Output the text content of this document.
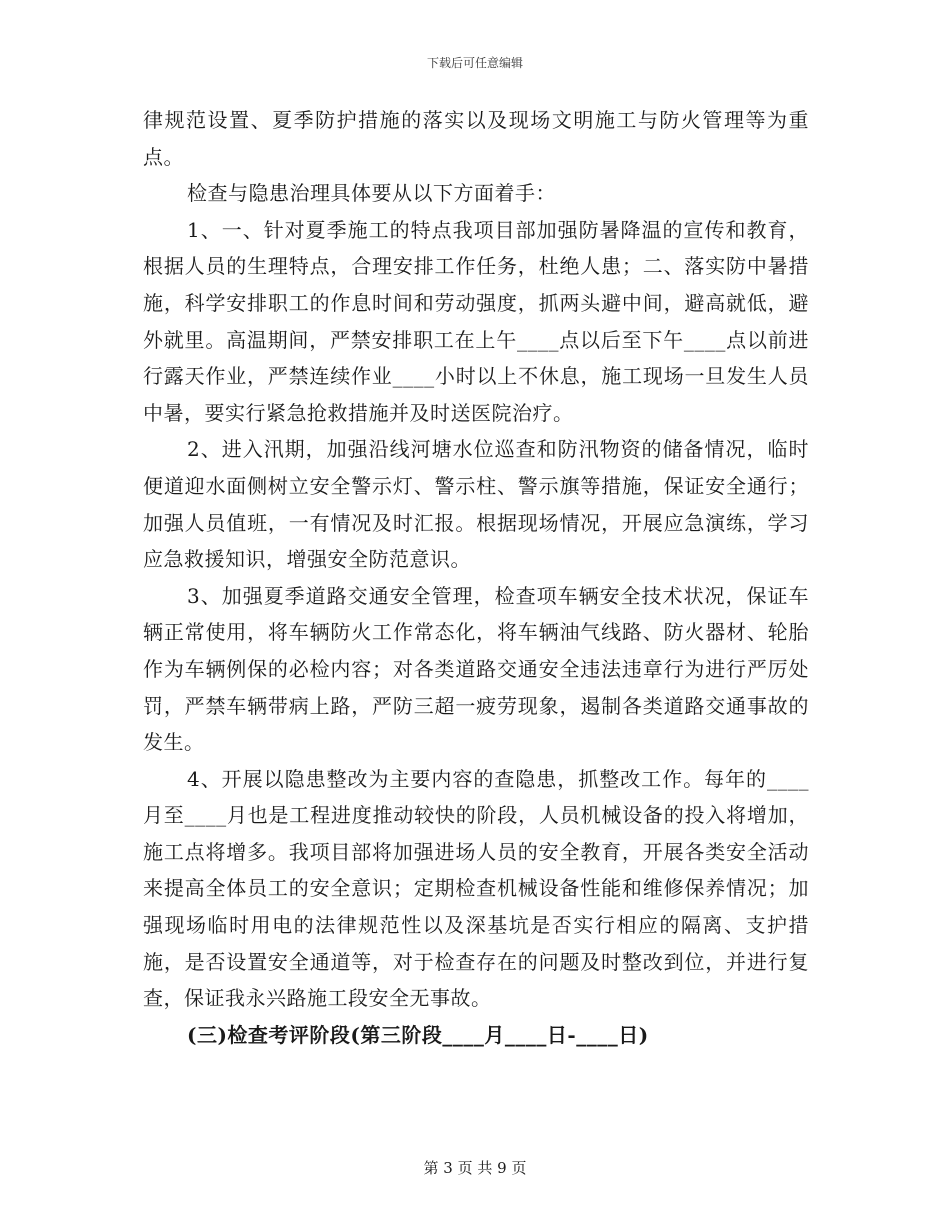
下载后可任意编辑

律规范设置、夏季防护措施的落实以及现场文明施工与防火管理等为重点。

检查与隐患治理具体要从以下方面着手：

1、一、针对夏季施工的特点我项目部加强防暑降温的宣传和教育，根据人员的生理特点，合理安排工作任务，杜绝人患；二、落实防中暑措施，科学安排职工的作息时间和劳动强度，抓两头避中间，避高就低，避外就里。高温期间，严禁安排职工在上午____点以后至下午____点以前进行露天作业，严禁连续作业____小时以上不休息，施工现场一旦发生人员中暑，要实行紧急抢救措施并及时送医院治疗。

2、进入汛期，加强沿线河塘水位巡查和防汛物资的储备情况，临时便道迎水面侧树立安全警示灯、警示柱、警示旗等措施，保证安全通行；加强人员值班，一有情况及时汇报。根据现场情况，开展应急演练，学习应急救援知识，增强安全防范意识。

3、加强夏季道路交通安全管理，检查项车辆安全技术状况，保证车辆正常使用，将车辆防火工作常态化，将车辆油气线路、防火器材、轮胎作为车辆例保的必检内容；对各类道路交通安全违法违章行为进行严厉处罚，严禁车辆带病上路，严防三超一疲劳现象，遏制各类道路交通事故的发生。

4、开展以隐患整改为主要内容的查隐患，抓整改工作。每年的____月至____月也是工程进度推动较快的阶段，人员机械设备的投入将增加，施工点将增多。我项目部将加强进场人员的安全教育，开展各类安全活动来提高全体员工的安全意识；定期检查机械设备性能和维修保养情况；加强现场临时用电的法律规范性以及深基坑是否实行相应的隔离、支护措施，是否设置安全通道等，对于检查存在的问题及时整改到位，并进行复查，保证我永兴路施工段安全无事故。

(三)检查考评阶段(第三阶段____月____日-____日)

第 3 页 共 9 页
